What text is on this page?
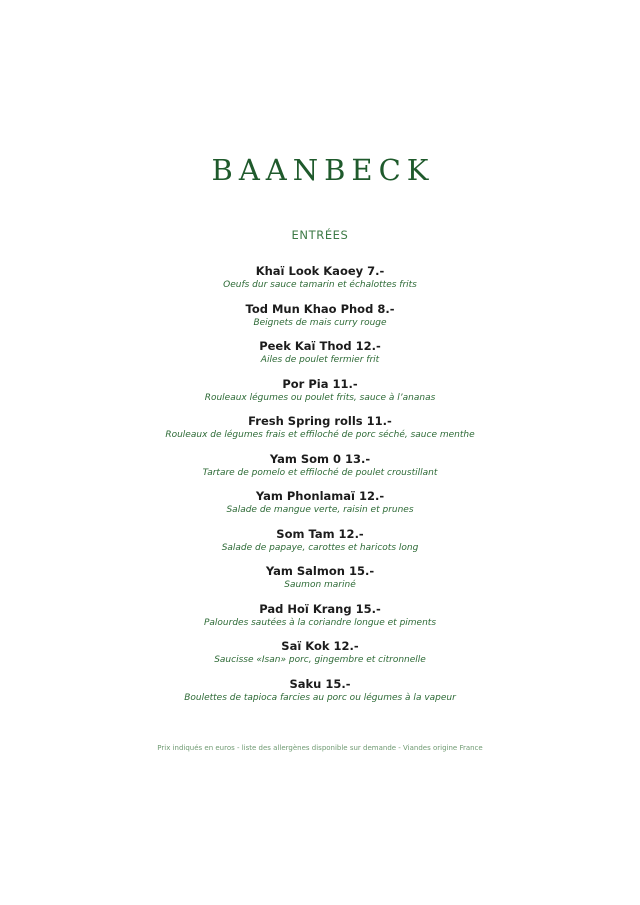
BAANBECK
ENTRÉES
Khaï Look Kaoey 7.-
Oeufs dur sauce tamarin et échalottes frits
Tod Mun Khao Phod 8.-
Beignets de mais curry rouge
Peek Kaï Thod 12.-
Ailes de poulet fermier frit
Por Pia 11.-
Rouleaux légumes ou poulet frits, sauce à l’ananas
Fresh Spring rolls 11.-
Rouleaux de légumes frais et effiloché de porc séché, sauce menthe
Yam Som 0 13.-
Tartare de pomelo et effiloché de poulet croustillant
Yam Phonlamaï 12.-
Salade de mangue verte, raisin et prunes
Som Tam 12.-
Salade de papaye, carottes et haricots long
Yam Salmon 15.-
Saumon mariné
Pad Hoï Krang 15.-
Palourdes sautées à la coriandre longue et piments
Saï Kok 12.-
Saucisse «Isan» porc, gingembre et citronnelle
Saku 15.-
Boulettes de tapioca farcies au porc ou légumes à la vapeur
Prix indiqués en euros - liste des allergènes disponible sur demande - Viandes origine France
